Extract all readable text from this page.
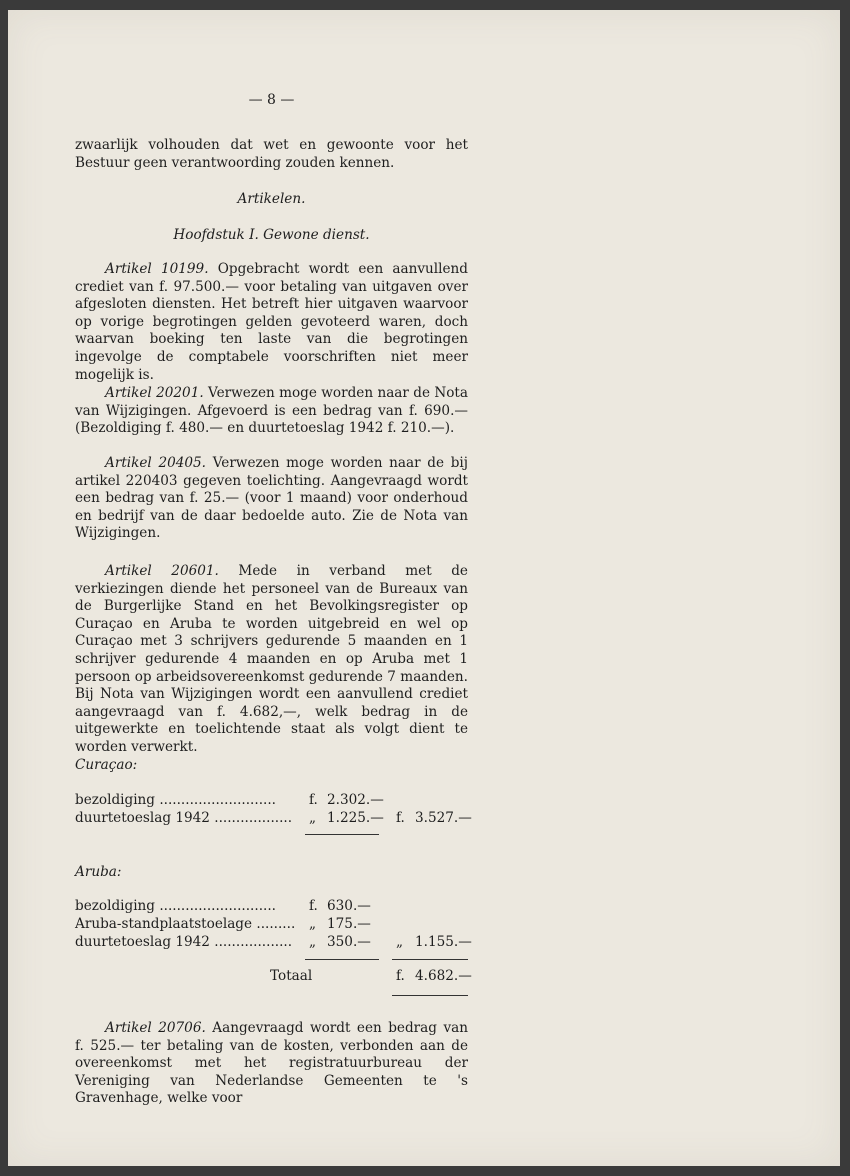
— 8 —

zwaarlijk volhouden dat wet en gewoonte voor het Bestuur geen verantwoording zouden kennen.

Artikelen.

Hoofdstuk I. Gewone dienst.

Artikel 10199. Opgebracht wordt een aanvullend crediet van f. 97.500.— voor betaling van uitgaven over afgesloten diensten. Het betreft hier uitgaven waarvoor op vorige begrotingen gelden gevoteerd waren, doch waarvan boeking ten laste van die begrotingen ingevolge de comptabele voorschriften niet meer mogelijk is.

Artikel 20201. Verwezen moge worden naar de Nota van Wijzigingen. Afgevoerd is een bedrag van f. 690.— (Bezoldiging f. 480.— en duurtetoeslag 1942 f. 210.—).

Artikel 20405. Verwezen moge worden naar de bij artikel 220403 gegeven toelichting. Aangevraagd wordt een bedrag van f. 25.— (voor 1 maand) voor onderhoud en bedrijf van de daar bedoelde auto. Zie de Nota van Wijzigingen.

Artikel 20601. Mede in verband met de verkiezingen diende het personeel van de Bureaux van de Burgerlijke Stand en het Bevolkingsregister op Curaçao en Aruba te worden uitgebreid en wel op Curaçao met 3 schrijvers gedurende 5 maanden en 1 schrijver gedurende 4 maanden en op Aruba met 1 persoon op arbeidsovereenkomst gedurende 7 maanden. Bij Nota van Wijzigingen wordt een aanvullend crediet aangevraagd van f. 4.682,—, welk bedrag in de uitgewerkte en toelichtende staat als volgt dient te worden verwerkt.

Curaçao:
bezoldiging ........................... f. 2.302.—
duurtetoeslag 1942 .................. „ 1.225.— f. 3.527.—
Aruba:
bezoldiging ........................... f. 630.—
Aruba-standplaatstoelage ......... „ 175.—
duurtetoeslag 1942 .................. „ 350.— „ 1.155.—
Totaal	f. 4.682.—

Artikel 20706. Aangevraagd wordt een bedrag van f. 525.— ter betaling van de kosten, verbonden aan de overeenkomst met het registratuurbureau der Vereniging van Nederlandse Gemeenten te 's Gravenhage, welke voor
